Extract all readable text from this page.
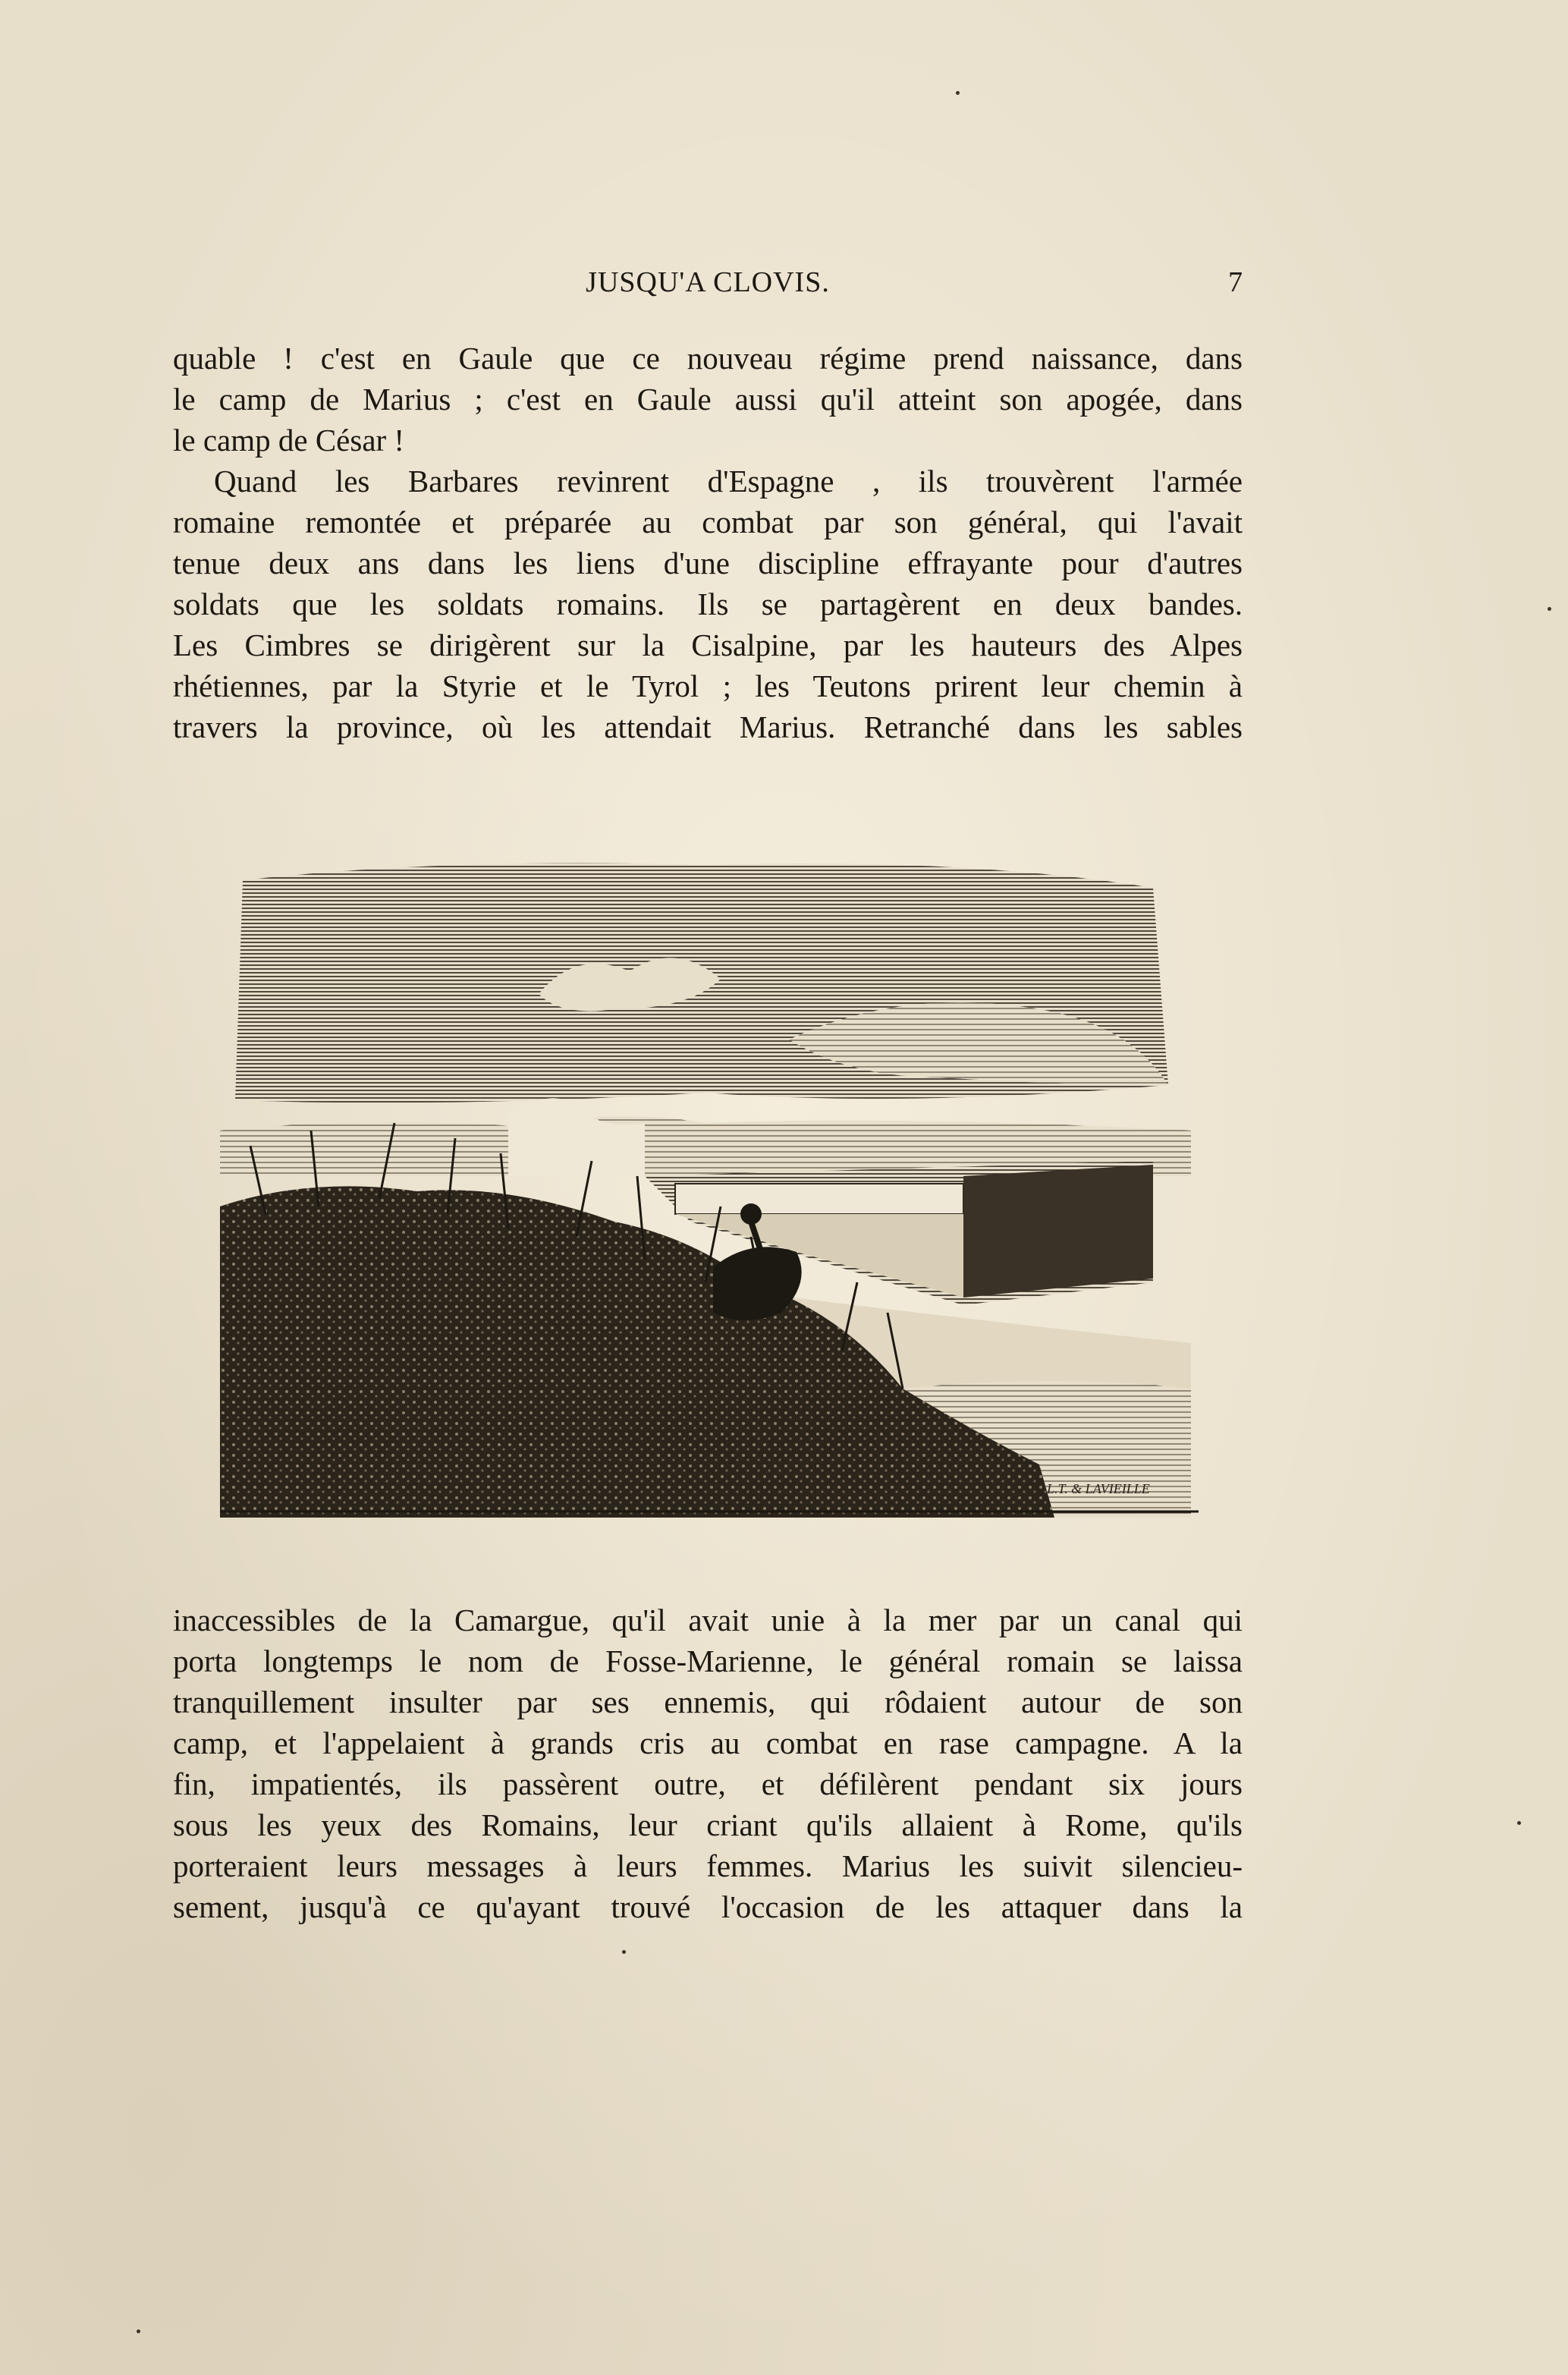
JUSQU'A CLOVIS.	7

quable ! c'est en Gaule que ce nouveau régime prend naissance, dans
le camp de Marius ; c'est en Gaule aussi qu'il atteint son apogée, dans
le camp de César !

Quand les Barbares revinrent d'Espagne , ils trouvèrent l'armée
romaine remontée et préparée au combat par son général, qui l'avait
tenue deux ans dans les liens d'une discipline effrayante pour d'autres
soldats que les soldats romains. Ils se partagèrent en deux bandes.
Les Cimbres se dirigèrent sur la Cisalpine, par les hauteurs des Alpes
rhétiennes, par la Styrie et le Tyrol ; les Teutons prirent leur chemin à
travers la province, où les attendait Marius. Retranché dans les sables

L.T. & LAVIEILLE

inaccessibles de la Camargue, qu'il avait unie à la mer par un canal qui
porta longtemps le nom de Fosse-Marienne, le général romain se laissa
tranquillement insulter par ses ennemis, qui rôdaient autour de son
camp, et l'appelaient à grands cris au combat en rase campagne. A la
fin, impatientés, ils passèrent outre, et défilèrent pendant six jours
sous les yeux des Romains, leur criant qu'ils allaient à Rome, qu'ils
porteraient leurs messages à leurs femmes. Marius les suivit silencieu-
sement, jusqu'à ce qu'ayant trouvé l'occasion de les attaquer dans la
